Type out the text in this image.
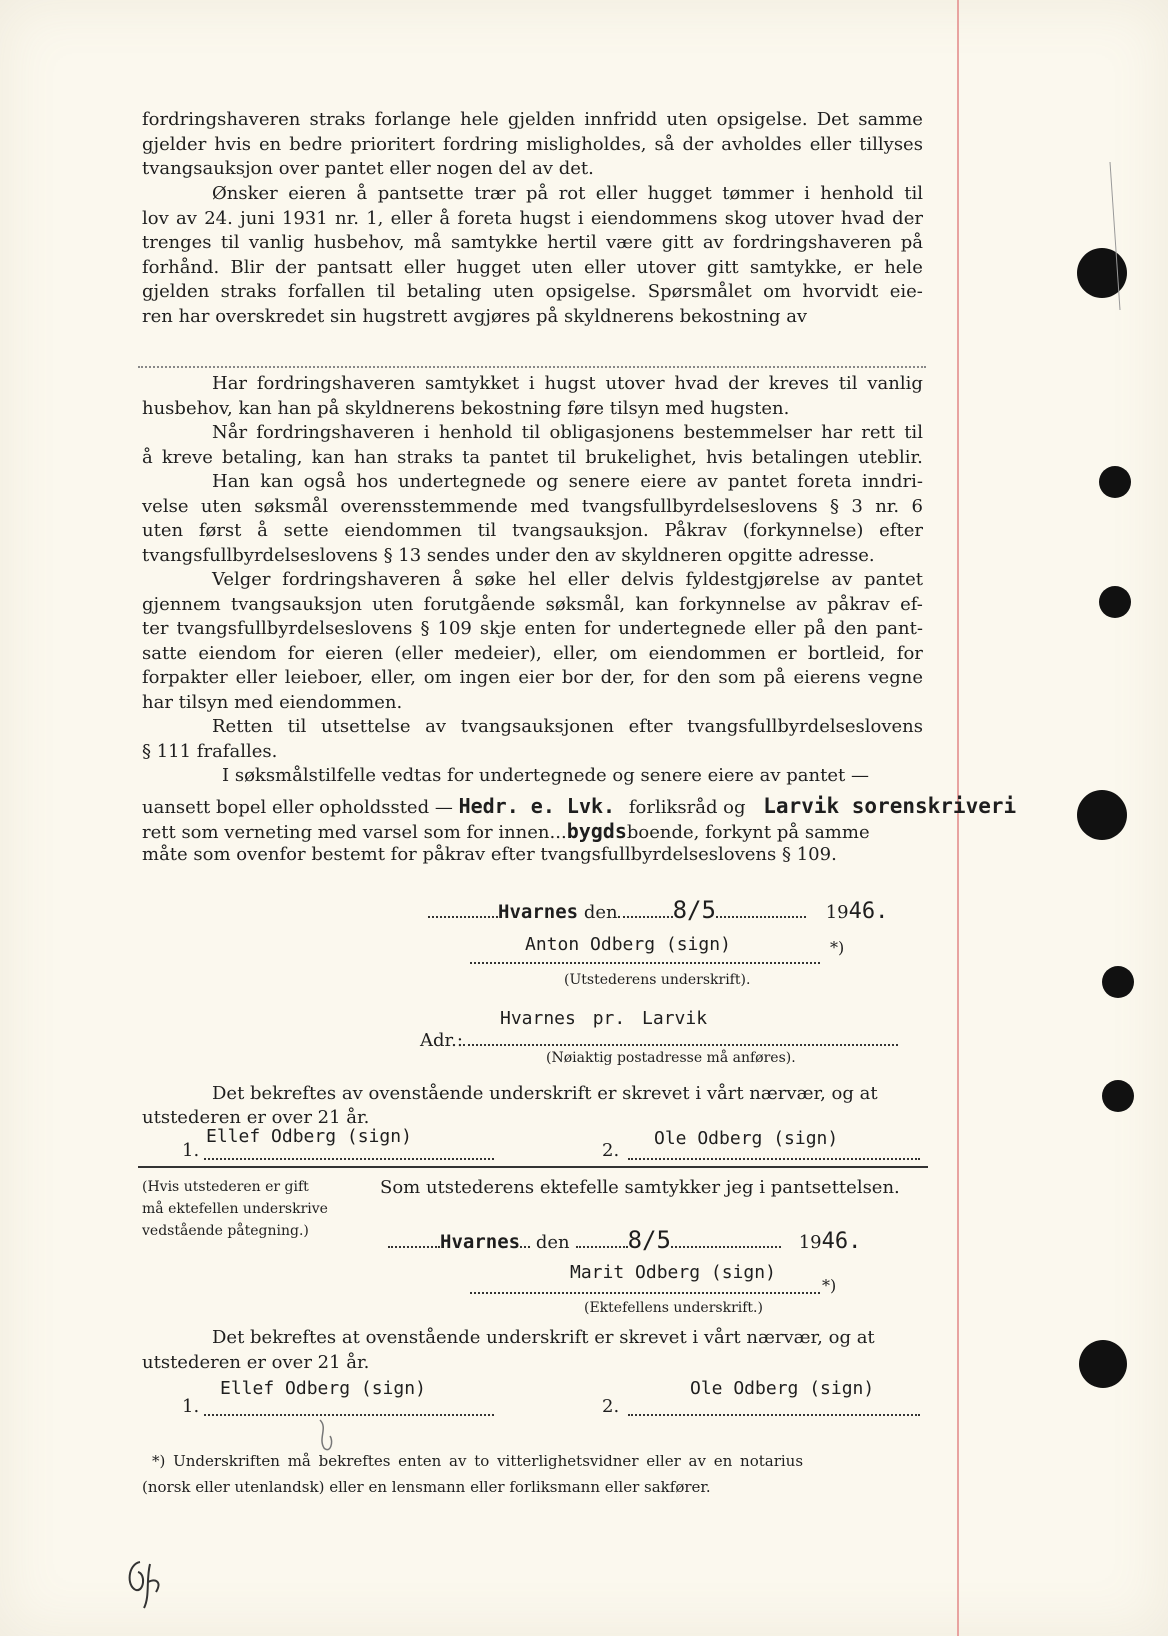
fordringshaveren straks forlange hele gjelden innfridd uten opsigelse. Det samme
gjelder hvis en bedre prioritert fordring misligholdes, så der avholdes eller tillyses
tvangsauksjon over pantet eller nogen del av det.
Ønsker eieren å pantsette trær på rot eller hugget tømmer i henhold til
lov av 24. juni 1931 nr. 1, eller å foreta hugst i eiendommens skog utover hvad der
trenges til vanlig husbehov, må samtykke hertil være gitt av fordringshaveren på
forhånd. Blir der pantsatt eller hugget uten eller utover gitt samtykke, er hele
gjelden straks forfallen til betaling uten opsigelse. Spørsmålet om hvorvidt eie-
ren har overskredet sin hugstrett avgjøres på skyldnerens bekostning av
Har fordringshaveren samtykket i hugst utover hvad der kreves til vanlig
husbehov, kan han på skyldnerens bekostning føre tilsyn med hugsten.
Når fordringshaveren i henhold til obligasjonens bestemmelser har rett til
å kreve betaling, kan han straks ta pantet til brukelighet, hvis betalingen uteblir.
Han kan også hos undertegnede og senere eiere av pantet foreta inndri-
velse uten søksmål overensstemmende med tvangsfullbyrdelseslovens § 3 nr. 6
uten først å sette eiendommen til tvangsauksjon. Påkrav (forkynnelse) efter
tvangsfullbyrdelseslovens § 13 sendes under den av skyldneren opgitte adresse.
Velger fordringshaveren å søke hel eller delvis fyldestgjørelse av pantet
gjennem tvangsauksjon uten forutgående søksmål, kan forkynnelse av påkrav ef-
ter tvangsfullbyrdelseslovens § 109 skje enten for undertegnede eller på den pant-
satte eiendom for eieren (eller medeier), eller, om eiendommen er bortleid, for
forpakter eller leieboer, eller, om ingen eier bor der, for den som på eierens vegne
har tilsyn med eiendommen.
Retten til utsettelse av tvangsauksjonen efter tvangsfullbyrdelseslovens
§ 111 frafalles.
I søksmålstilfelle vedtas for undertegnede og senere eiere av pantet —
uansett bopel eller opholdssted — Hedr. e. Lvk. forliksråd og Larvik sorenskriveri
rett som verneting med varsel som for innen...bygdsboende, forkynt på samme
måte som ovenfor bestemt for påkrav efter tvangsfullbyrdelseslovens § 109.
Hvarnes den 8/5	1946.
Anton Odberg (sign)	*)
(Utstederens underskrift).
Hvarnes pr. Larvik
Adr.:
(Nøiaktig postadresse må anføres).
Det bekreftes av ovenstående underskrift er skrevet i vårt nærvær, og at
utstederen er over 21 år.
Ellef Odberg (sign)
1.
Ole Odberg (sign)
2.
(Hvis utstederen er gift
må ektefellen underskrive
vedstående påtegning.)
Som utstederens ektefelle samtykker jeg i pantsettelsen.
Hvarnes den 8/5	1946.
Marit Odberg (sign)
*)
(Ektefellens underskrift.)
Det bekreftes at ovenstående underskrift er skrevet i vårt nærvær, og at
utstederen er over 21 år.
Ellef Odberg (sign)
1.
Ole Odberg (sign)
2.
*) Underskriften må bekreftes enten av to vitterlighetsvidner eller av en notarius
(norsk eller utenlandsk) eller en lensmann eller forliksmann eller sakfører.
